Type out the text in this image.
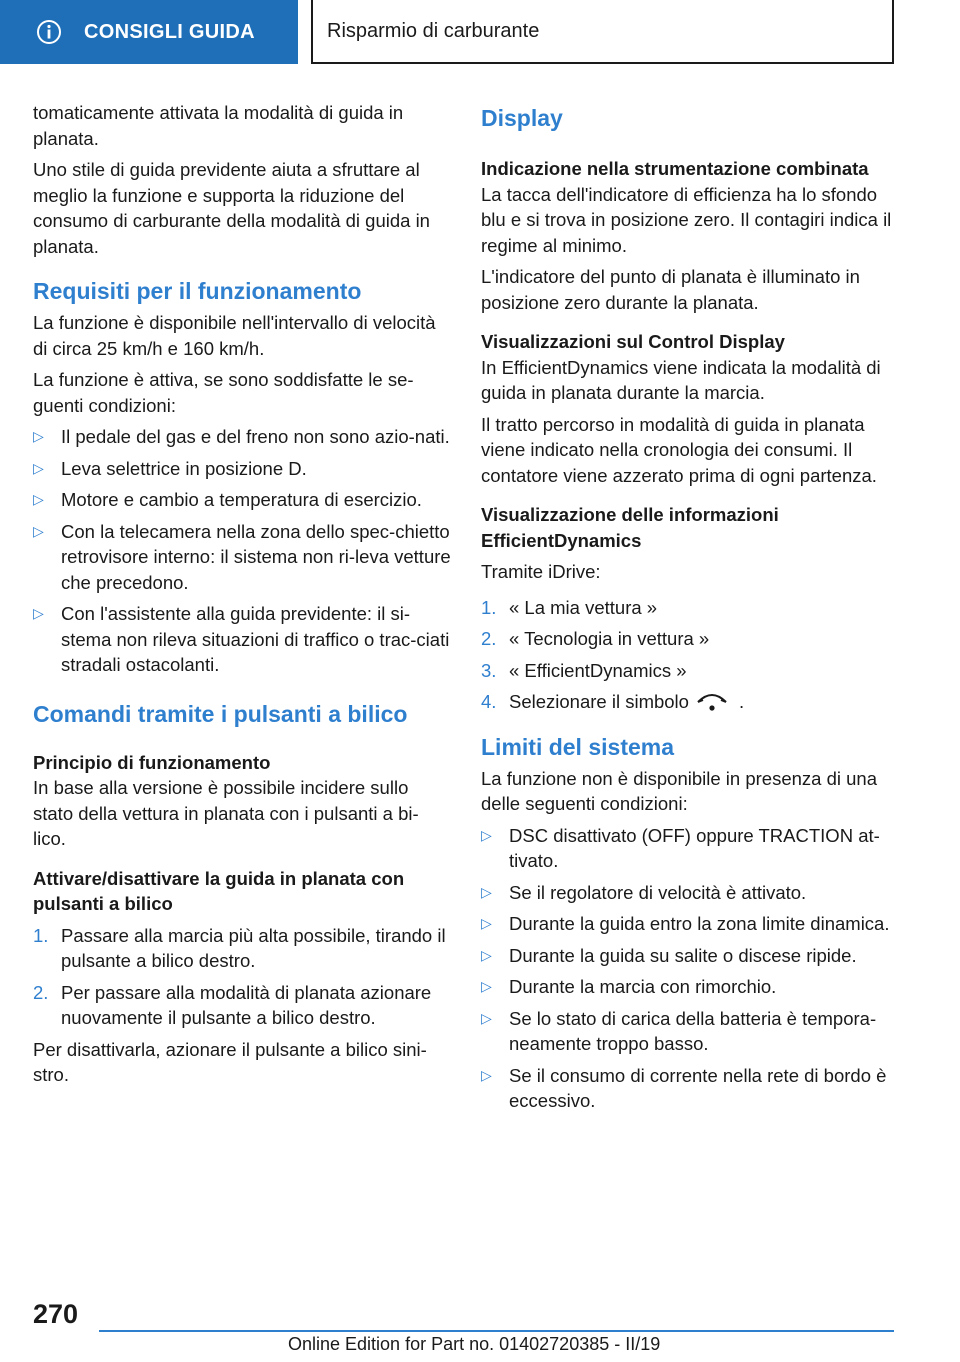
CONSIGLI GUIDA	Risparmio di carburante

tomaticamente attivata la modalità di guida in planata.

Uno stile di guida previdente aiuta a sfruttare al meglio la funzione e supporta la riduzione del consumo di carburante della modalità di guida in planata.

Requisiti per il funzionamento

La funzione è disponibile nell'intervallo di velocità di circa 25 km/h e 160 km/h.

La funzione è attiva, se sono soddisfatte le se‐guenti condizioni:

▷ Il pedale del gas e del freno non sono azio‐nati.
▷ Leva selettrice in posizione D.
▷ Motore e cambio a temperatura di esercizio.
▷ Con la telecamera nella zona dello spec‐chietto retrovisore interno: il sistema non ri‐leva vetture che precedono.
▷ Con l'assistente alla guida previdente: il si‐stema non rileva situazioni di traffico o trac‐ciati stradali ostacolanti.
Comandi tramite i pulsanti a bilico
Principio di funzionamento

In base alla versione è possibile incidere sullo stato della vettura in planata con i pulsanti a bi‐lico.

Attivare/disattivare la guida in planata con pulsanti a bilico
1. Passare alla marcia più alta possibile, tirando il pulsante a bilico destro.
2. Per passare alla modalità di planata azionare nuovamente il pulsante a bilico destro.

Per disattivarla, azionare il pulsante a bilico sini‐stro.

Display
Indicazione nella strumentazione combinata

La tacca dell'indicatore di efficienza ha lo sfondo blu e si trova in posizione zero. Il contagiri indica il regime al minimo.

L'indicatore del punto di planata è illuminato in posizione zero durante la planata.

Visualizzazioni sul Control Display

In EfficientDynamics viene indicata la modalità di guida in planata durante la marcia.

Il tratto percorso in modalità di guida in planata viene indicato nella cronologia dei consumi. Il contatore viene azzerato prima di ogni partenza.

Visualizzazione delle informazioni EfficientDynamics

Tramite iDrive:

1. « La mia vettura »
2. « Tecnologia in vettura »
3. « EfficientDynamics »
4. Selezionare il simbolo	.
Limiti del sistema

La funzione non è disponibile in presenza di una delle seguenti condizioni:

▷ DSC disattivato (OFF) oppure TRACTION at‐tivato.
▷ Se il regolatore di velocità è attivato.
▷ Durante la guida entro la zona limite dinamica.
▷ Durante la guida su salite o discese ripide.
▷ Durante la marcia con rimorchio.
▷ Se lo stato di carica della batteria è tempora‐neamente troppo basso.
▷ Se il consumo di corrente nella rete di bordo è eccessivo.
270
Online Edition for Part no. 01402720385 - II/19
